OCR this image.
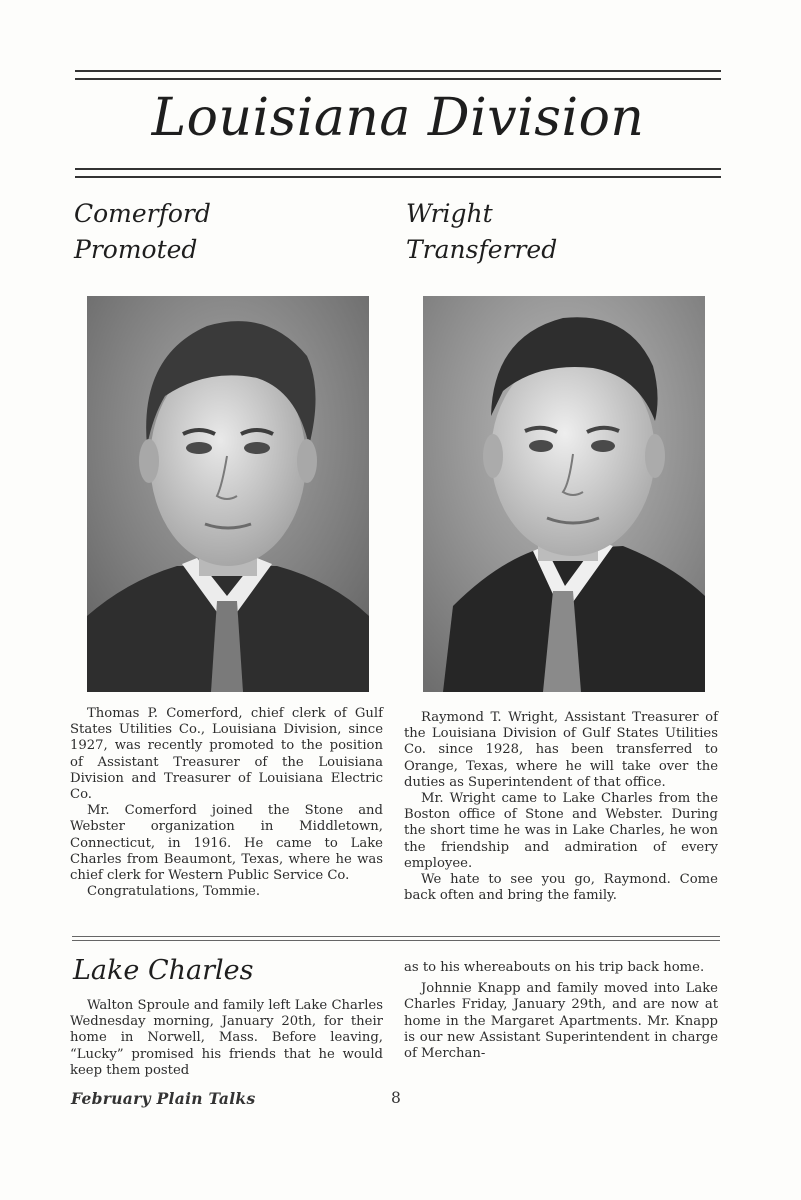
Louisiana Division
Comerford
Promoted
Wright
Transferred

Thomas P. Comerford, chief clerk of Gulf States Utilities Co., Louisiana Division, since 1927, was recently promoted to the position of Assistant Treasurer of the Louisiana Division and Treasurer of Louisiana Electric Co.

Mr. Comerford joined the Stone and Webster organization in Middletown, Connecticut, in 1916. He came to Lake Charles from Beaumont, Texas, where he was chief clerk for Western Public Service Co.

Congratulations, Tommie.

Raymond T. Wright, Assistant Treasurer of the Louisiana Division of Gulf States Utilities Co. since 1928, has been transferred to Orange, Texas, where he will take over the duties as Superintendent of that office.

Mr. Wright came to Lake Charles from the Boston office of Stone and Webster. During the short time he was in Lake Charles, he won the friendship and admiration of every employee.

We hate to see you go, Raymond. Come back often and bring the family.

Lake Charles

Walton Sproule and family left Lake Charles Wednesday morning, January 20th, for their home in Norwell, Mass. Before leaving, “Lucky” promised his friends that he would keep them posted

as to his whereabouts on his trip back home.

Johnnie Knapp and family moved into Lake Charles Friday, January 29th, and are now at home in the Margaret Apartments. Mr. Knapp is our new Assistant Superintendent in charge of Merchan-

February Plain Talks	8
